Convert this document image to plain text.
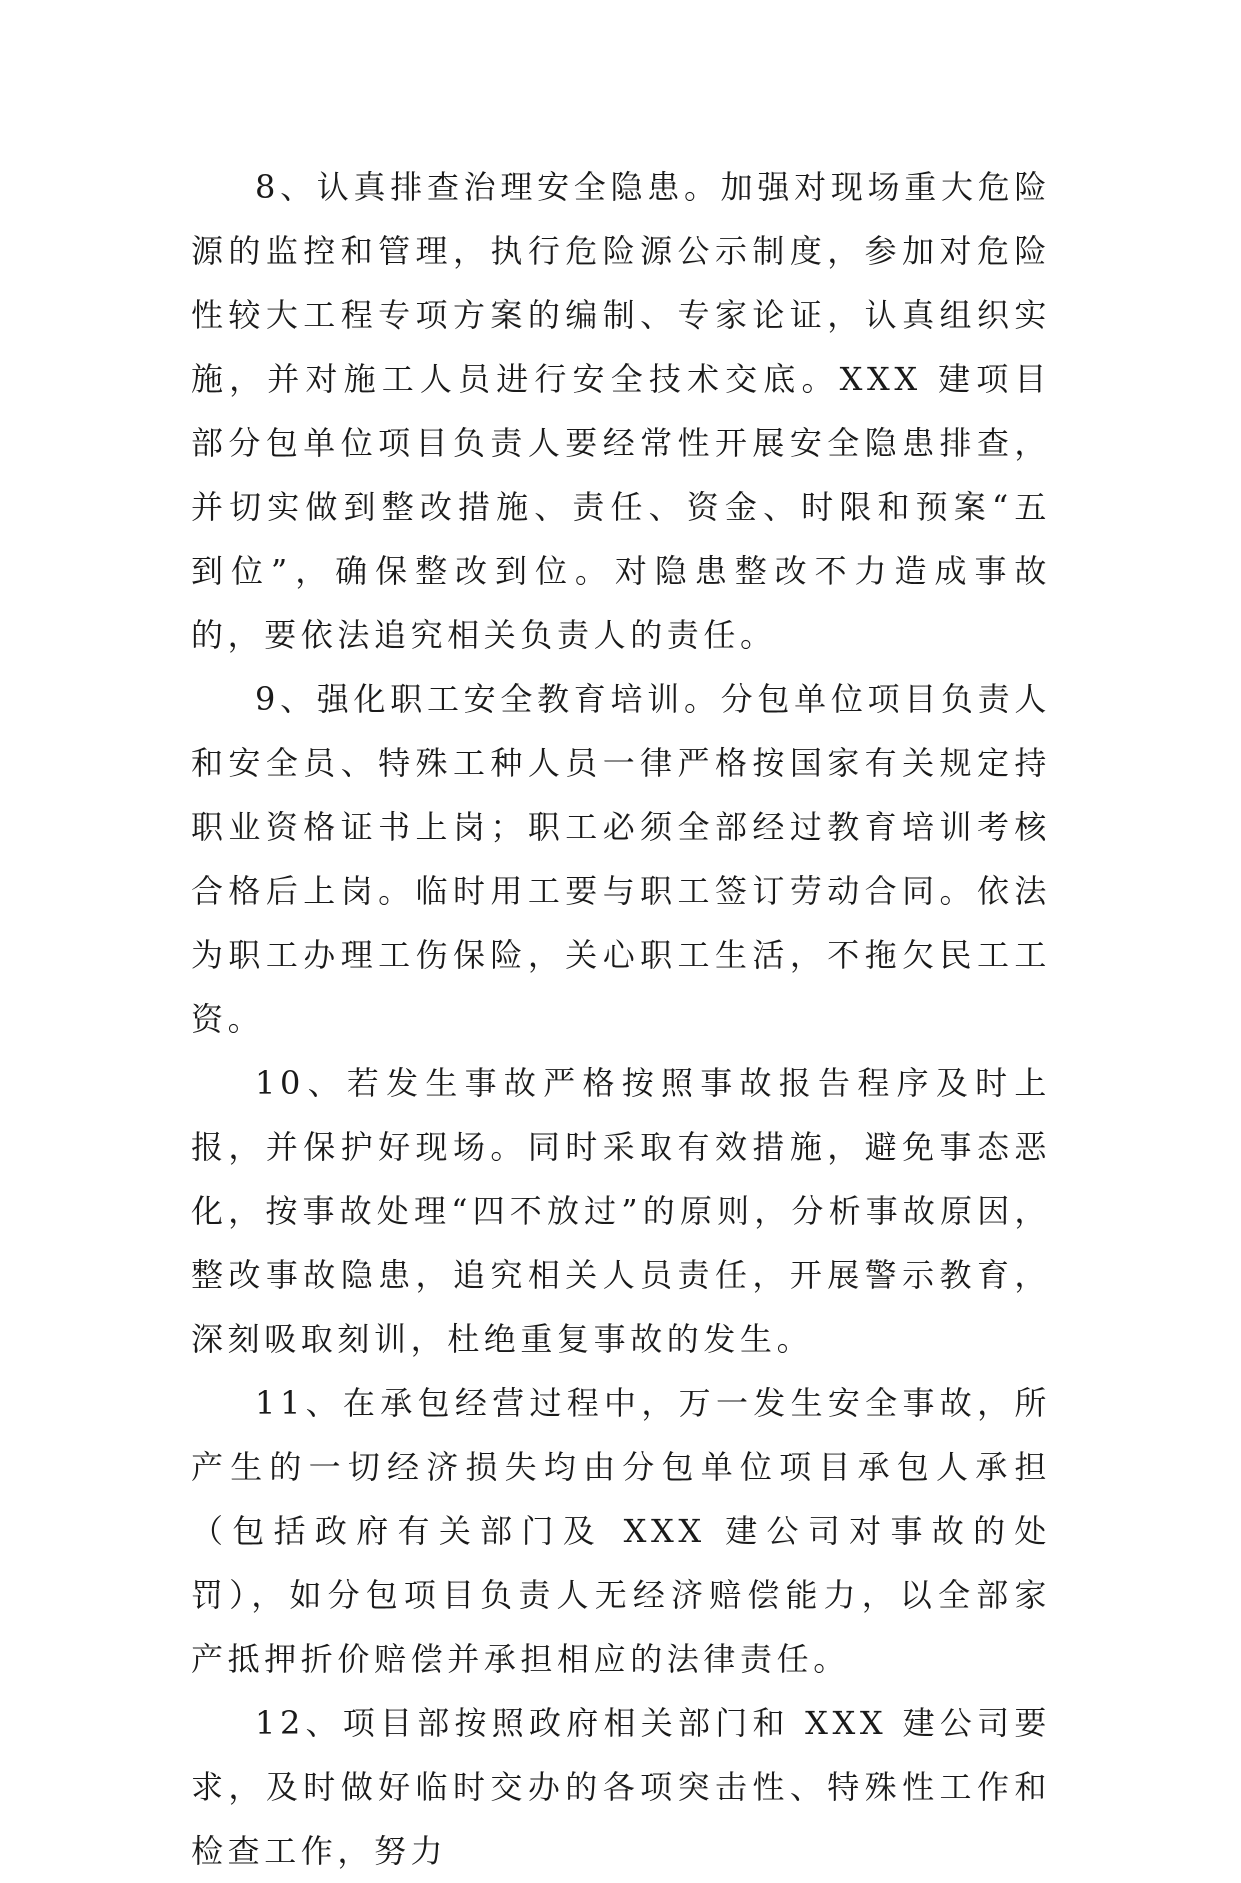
8、认真排查治理安全隐患。加强对现场重大危险源的监控和管理，执行危险源公示制度，参加对危险性较大工程专项方案的编制、专家论证，认真组织实施，并对施工人员进行安全技术交底。XXX 建项目部分包单位项目负责人要经常性开展安全隐患排查，并切实做到整改措施、责任、资金、时限和预案“五到位”，确保整改到位。对隐患整改不力造成事故的，要依法追究相关负责人的责任。

9、强化职工安全教育培训。分包单位项目负责人和安全员、特殊工种人员一律严格按国家有关规定持职业资格证书上岗；职工必须全部经过教育培训考核合格后上岗。临时用工要与职工签订劳动合同。依法为职工办理工伤保险，关心职工生活，不拖欠民工工资。

10、若发生事故严格按照事故报告程序及时上报，并保护好现场。同时采取有效措施，避免事态恶化，按事故处理“四不放过”的原则，分析事故原因，整改事故隐患，追究相关人员责任，开展警示教育，深刻吸取刻训，杜绝重复事故的发生。

11、在承包经营过程中，万一发生安全事故，所产生的一切经济损失均由分包单位项目承包人承担（包括政府有关部门及 XXX 建公司对事故的处罚），如分包项目负责人无经济赔偿能力，以全部家产抵押折价赔偿并承担相应的法律责任。

12、项目部按照政府相关部门和 XXX 建公司要求，及时做好临时交办的各项突击性、特殊性工作和检查工作，努力
